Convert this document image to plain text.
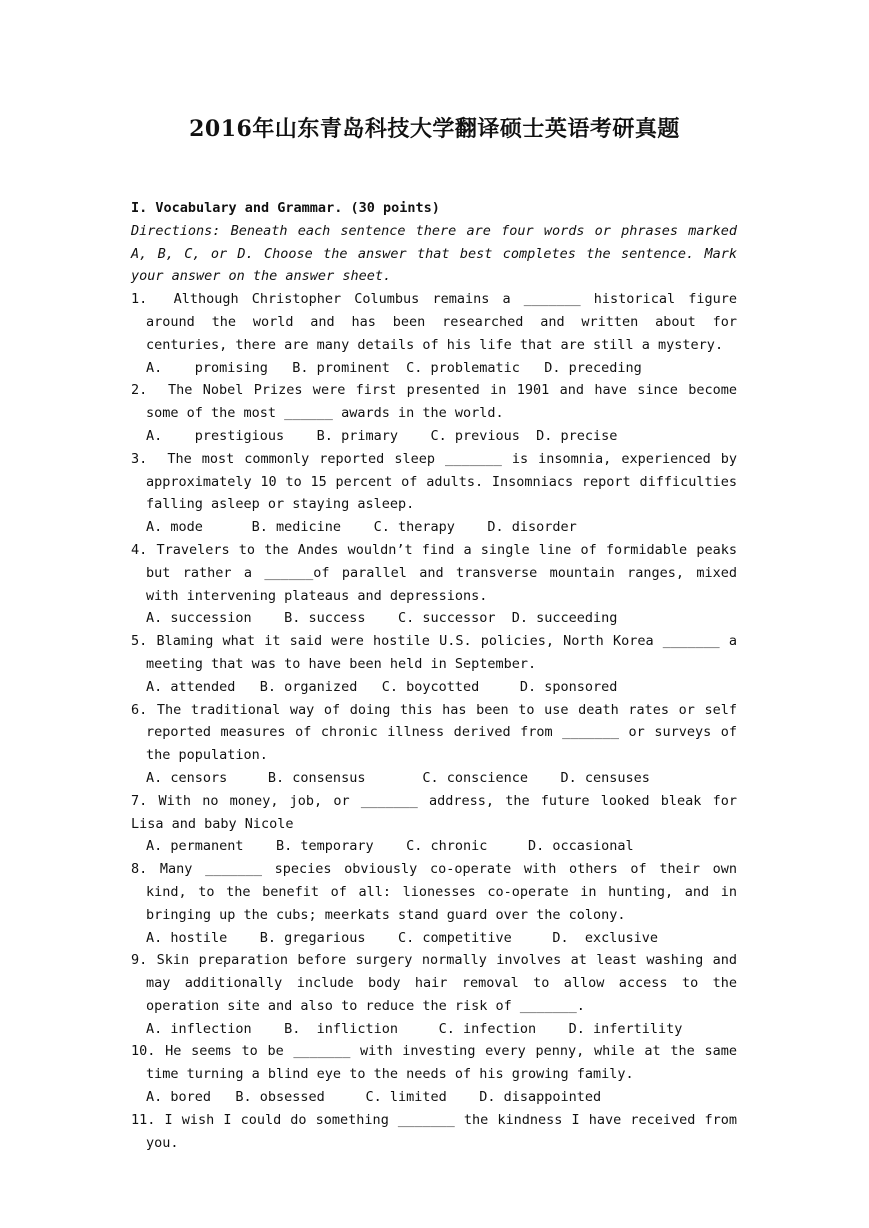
2016年山东青岛科技大学翻译硕士英语考研真题
I. Vocabulary and Grammar. (30 points)
Directions: Beneath each sentence there are four words or phrases marked A, B, C, or D. Choose the answer that best completes the sentence. Mark your answer on the answer sheet.
1. Although Christopher Columbus remains a _______ historical figure around the world and has been researched and written about for centuries, there are many details of his life that are still a mystery.
A.    promising   B. prominent  C. problematic   D. preceding
2. The Nobel Prizes were first presented in 1901 and have since become some of the most ______ awards in the world.
A.    prestigious    B. primary    C. previous  D. precise
3. The most commonly reported sleep _______ is insomnia, experienced by approximately 10 to 15 percent of adults. Insomniacs report difficulties falling asleep or staying asleep.
A. mode      B. medicine    C. therapy    D. disorder
4. Travelers to the Andes wouldn’t find a single line of formidable peaks but rather a ______of parallel and transverse mountain ranges, mixed with intervening plateaus and depressions.
A. succession    B. success    C. successor  D. succeeding
5. Blaming what it said were hostile U.S. policies, North Korea _______ a meeting that was to have been held in September.
A. attended   B. organized   C. boycotted     D. sponsored
6. The traditional way of doing this has been to use death rates or self reported measures of chronic illness derived from _______ or surveys of the population.
A. censors     B. consensus       C. conscience    D. censuses
7. With no money, job, or _______ address, the future looked bleak for Lisa and baby Nicole
A. permanent    B. temporary    C. chronic     D. occasional
8. Many _______ species obviously co-operate with others of their own kind, to the benefit of all: lionesses co-operate in hunting, and in bringing up the cubs; meerkats stand guard over the colony.
A. hostile    B. gregarious    C. competitive     D.  exclusive
9. Skin preparation before surgery normally involves at least washing and may additionally include body hair removal to allow access to the operation site and also to reduce the risk of _______.
A. inflection    B.  infliction     C. infection    D. infertility
10. He seems to be _______ with investing every penny, while at the same time turning a blind eye to the needs of his growing family.
A. bored   B. obsessed     C. limited    D. disappointed
11. I wish I could do something _______ the kindness I have received from you.
